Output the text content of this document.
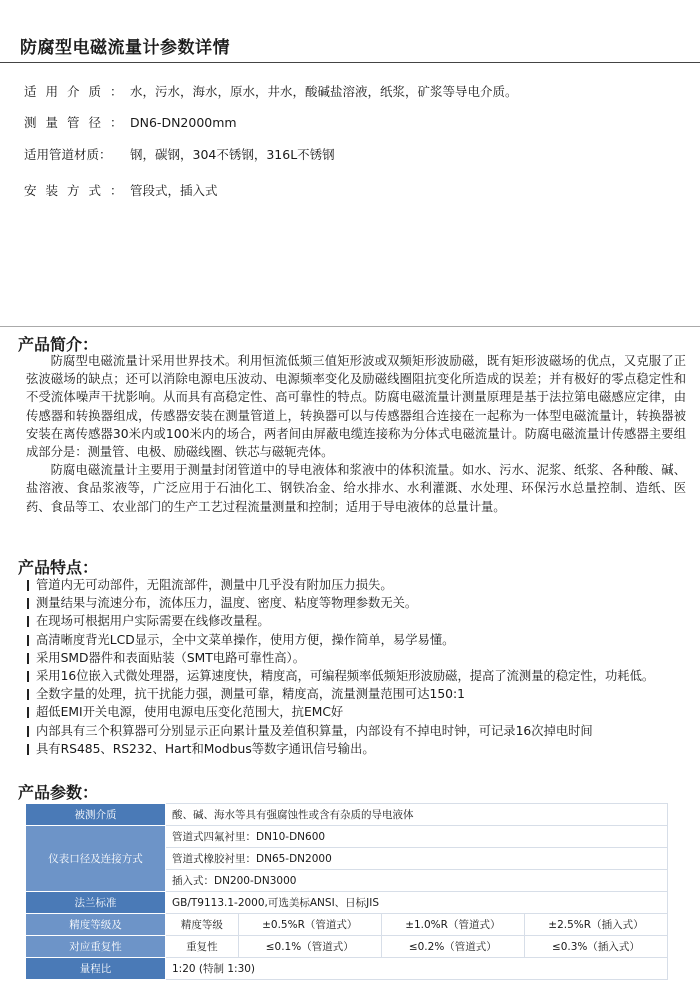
防腐型电磁流量计参数详情
适用介质：水，污水，海水，原水，井水，酸碱盐溶液，纸浆，矿浆等导电介质。
测量管径：DN6-DN2000mm
适用管道材质： 钢，碳钢，304不锈钢，316L不锈钢
安装方式：管段式，插入式
产品简介：

防腐型电磁流量计采用世界技术。利用恒流低频三值矩形波或双频矩形波励磁，既有矩形波磁场的优点，又克服了正弦波磁场的缺点；还可以消除电源电压波动、电源频率变化及励磁线圈阻抗变化所造成的误差；并有极好的零点稳定性和不受流体噪声干扰影响。从而具有高稳定性、高可靠性的特点。防腐电磁流量计测量原理是基于法拉第电磁感应定律，由传感器和转换器组成，传感器安装在测量管道上，转换器可以与传感器组合连接在一起称为一体型电磁流量计，转换器被安装在离传感器30米内或100米内的场合，两者间由屏蔽电缆连接称为分体式电磁流量计。防腐电磁流量计传感器主要组成部分是：测量管、电极、励磁线圈、铁芯与磁轭壳体。

防腐电磁流量计主要用于测量封闭管道中的导电液体和浆液中的体积流量。如水、污水、泥浆、纸浆、各种酸、碱、盐溶液、食品浆液等，广泛应用于石油化工、钢铁冶金、给水排水、水利灌溉、水处理、环保污水总量控制、造纸、医药、食品等工、农业部门的生产工艺过程流量测量和控制；适用于导电液体的总量计量。

产品特点：
管道内无可动部件，无阻流部件，测量中几乎没有附加压力损失。
测量结果与流速分布，流体压力，温度、密度、粘度等物理参数无关。
在现场可根据用户实际需要在线修改量程。
高清晰度背光LCD显示，全中文菜单操作，使用方便，操作简单，易学易懂。
采用SMD器件和表面贴装（SMT电路可靠性高）。
采用16位嵌入式微处理器，运算速度快，精度高，可编程频率低频矩形波励磁，提高了流测量的稳定性，功耗低。
全数字量的处理，抗干扰能力强，测量可靠，精度高，流量测量范围可达150:1
超低EMI开关电源，使用电源电压变化范围大，抗EMC好
内部具有三个积算器可分别显示正向累计量及差值积算量，内部设有不掉电时钟，可记录16次掉电时间
具有RS485、RS232、Hart和Modbus等数字通讯信号输出。
产品参数：
被测介质	酸、碱、海水等具有强腐蚀性或含有杂质的导电液体			
仪表口径及连接方式	管道式四氟衬里：DN10-DN600			
	管道式橡胶衬里：DN65-DN2000			
	插入式：DN200-DN3000			
法兰标准	GB/T9113.1-2000,可选美标ANSI、日标JIS			
精度等级及	精度等级	±0.5%R（管道式）	±1.0%R（管道式）	±2.5%R（插入式）
对应重复性	重复性	≤0.1%（管道式）	≤0.2%（管道式）	≤0.3%（插入式）
量程比	1:20 (特制 1:30)			
